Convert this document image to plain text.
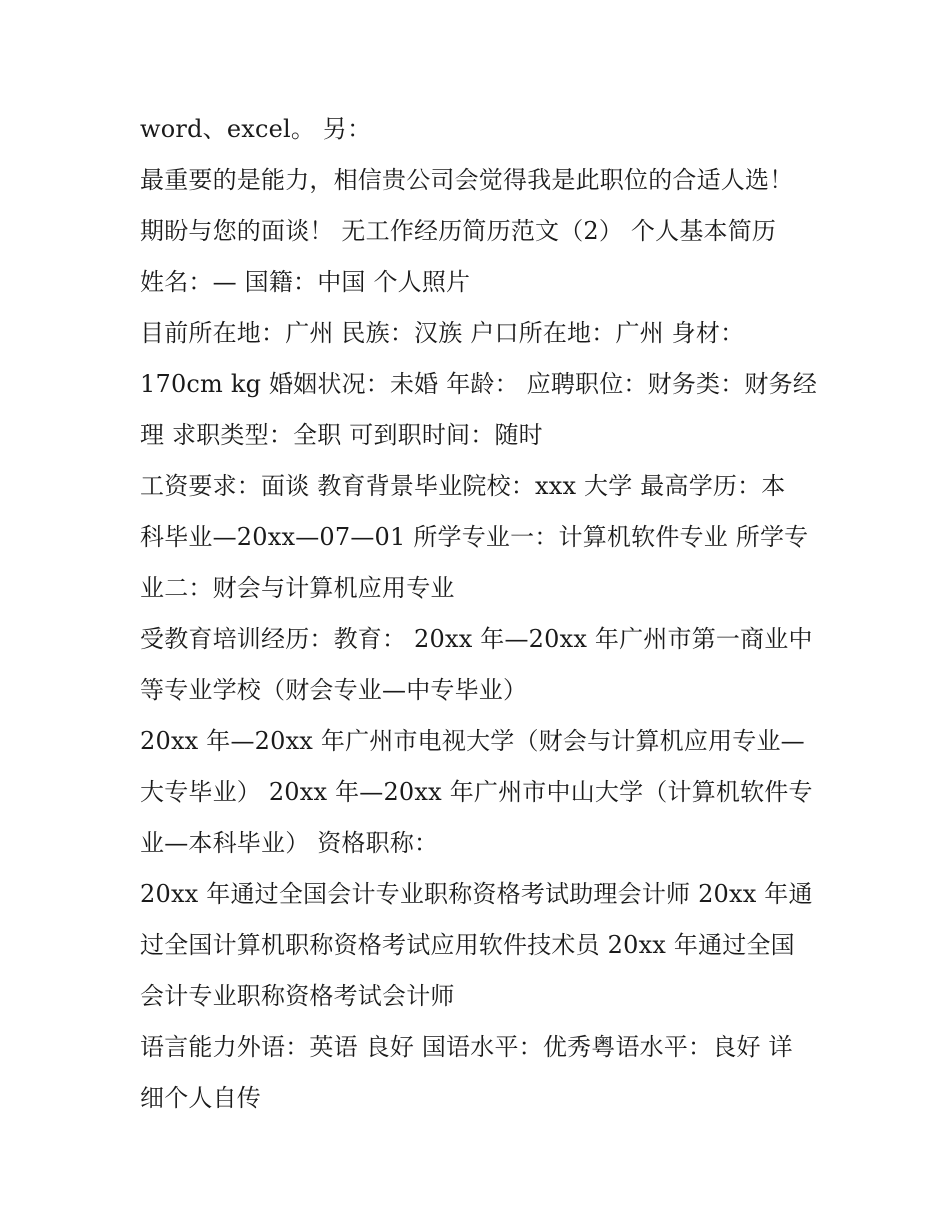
word、excel。 另：
最重要的是能力，相信贵公司会觉得我是此职位的合适人选！
期盼与您的面谈！ 无工作经历简历范文（2） 个人基本简历
姓名：— 国籍：中国 个人照片
目前所在地：广州 民族：汉族 户口所在地：广州 身材：
170cm kg 婚姻状况：未婚 年龄： 应聘职位：财务类：财务经
理 求职类型：全职 可到职时间：随时
工资要求：面谈 教育背景毕业院校：xxx 大学 最高学历：本
科毕业—20xx—07—01 所学专业一：计算机软件专业 所学专
业二：财会与计算机应用专业
受教育培训经历：教育： 20xx 年—20xx 年广州市第一商业中
等专业学校（财会专业—中专毕业）
20xx 年—20xx 年广州市电视大学（财会与计算机应用专业—
大专毕业） 20xx 年—20xx 年广州市中山大学（计算机软件专
业—本科毕业） 资格职称：
20xx 年通过全国会计专业职称资格考试助理会计师 20xx 年通
过全国计算机职称资格考试应用软件技术员 20xx 年通过全国
会计专业职称资格考试会计师
语言能力外语：英语 良好 国语水平：优秀粤语水平：良好 详
细个人自传
